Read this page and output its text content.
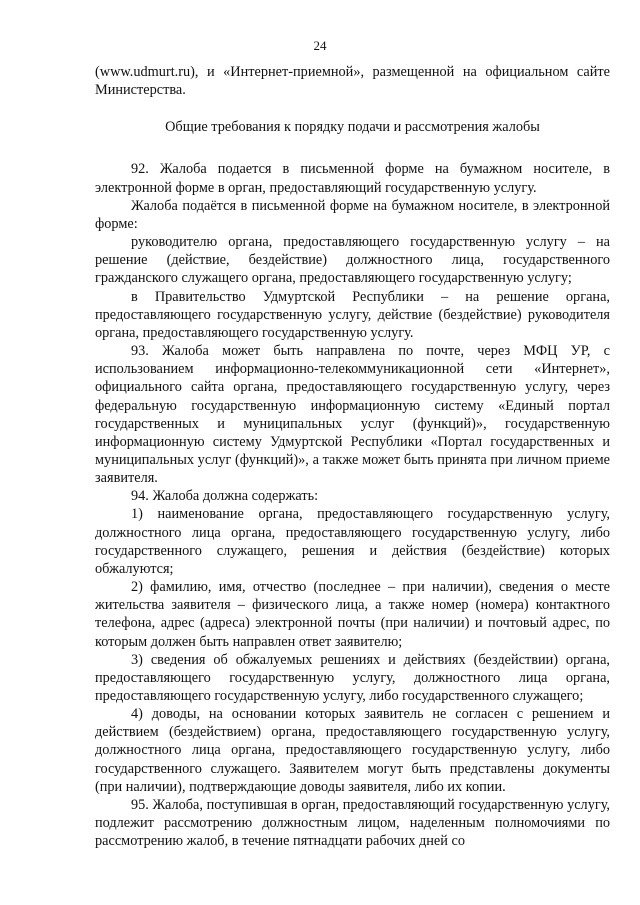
24

(www.udmurt.ru), и «Интернет-приемной», размещенной на официальном сайте Министерства.

Общие требования к порядку подачи и рассмотрения жалобы

92. Жалоба подается в письменной форме на бумажном носителе, в электронной форме в орган, предоставляющий государственную услугу.

Жалоба подаётся в письменной форме на бумажном носителе, в электронной форме:

руководителю органа, предоставляющего государственную услугу – на решение (действие, бездействие) должностного лица, государственного гражданского служащего органа, предоставляющего государственную услугу;

в Правительство Удмуртской Республики – на решение органа, предоставляющего государственную услугу, действие (бездействие) руководителя органа, предоставляющего государственную услугу.

93. Жалоба может быть направлена по почте, через МФЦ УР, с использованием информационно-телекоммуникационной сети «Интернет», официального сайта органа, предоставляющего государственную услугу, через федеральную государственную информационную систему «Единый портал государственных и муниципальных услуг (функций)», государственную информационную систему Удмуртской Республики «Портал государственных и муниципальных услуг (функций)», а также может быть принята при личном приеме заявителя.

94. Жалоба должна содержать:

1) наименование органа, предоставляющего государственную услугу, должностного лица органа, предоставляющего государственную услугу, либо государственного служащего, решения и действия (бездействие) которых обжалуются;

2) фамилию, имя, отчество (последнее – при наличии), сведения о месте жительства заявителя – физического лица, а также номер (номера) контактного телефона, адрес (адреса) электронной почты (при наличии) и почтовый адрес, по которым должен быть направлен ответ заявителю;

3) сведения об обжалуемых решениях и действиях (бездействии) органа, предоставляющего государственную услугу, должностного лица органа, предоставляющего государственную услугу, либо государственного служащего;

4) доводы, на основании которых заявитель не согласен с решением и действием (бездействием) органа, предоставляющего государственную услугу, должностного лица органа, предоставляющего государственную услугу, либо государственного служащего. Заявителем могут быть представлены документы (при наличии), подтверждающие доводы заявителя, либо их копии.

95. Жалоба, поступившая в орган, предоставляющий государственную услугу, подлежит рассмотрению должностным лицом, наделенным полномочиями по рассмотрению жалоб, в течение пятнадцати рабочих дней со
